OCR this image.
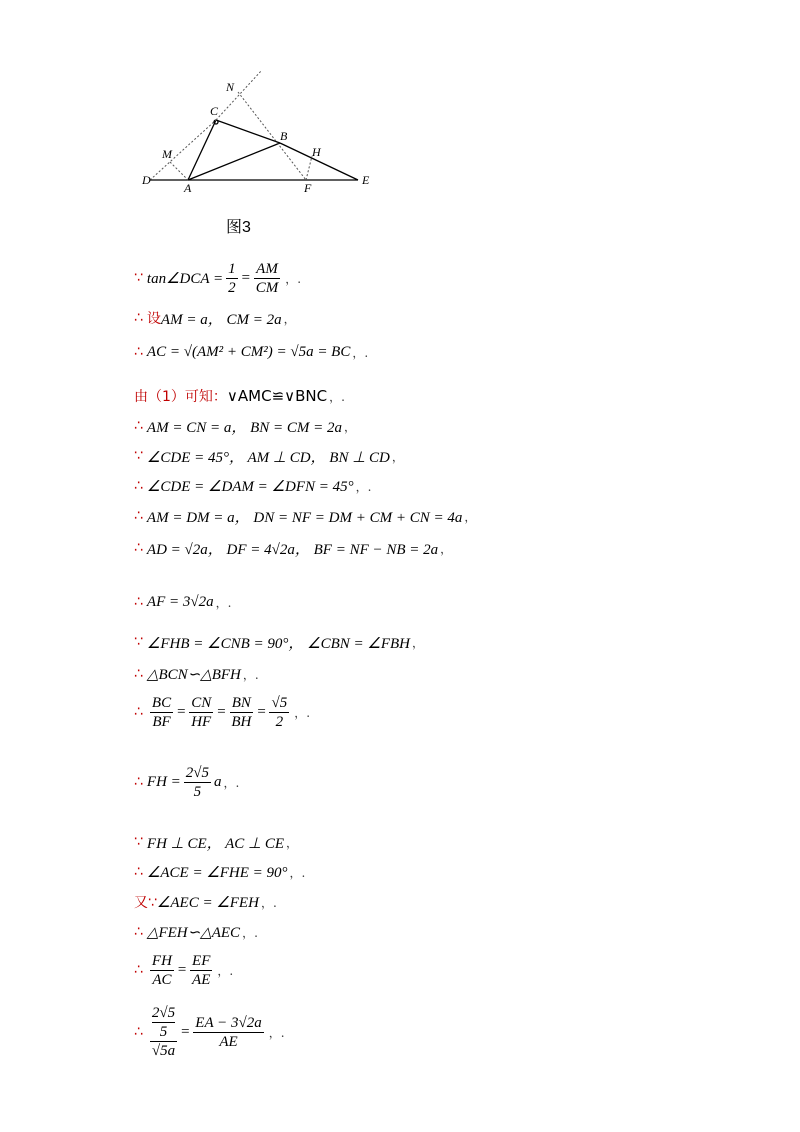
N
C
M
B
H
D
A	F
E
图3
∵ tan∠DCA = $\frac{1}{2} = \frac{AM}{CM}$ ，.
∴ 设 AM = a， CM = 2a ，
∴ AC = √(AM² + CM²) = √5a = BC ，.
由（1）可知： ∨AMC≌∨BNC ，.
∴ AM = CN = a， BN = CM = 2a ，
∵ ∠CDE = 45°， AM ⊥ CD， BN ⊥ CD ，
∴ ∠CDE = ∠DAM = ∠DFN = 45° ，.
∴ AM = DM = a， DN = NF = DM + CM + CN = 4a ，
∴ AD = √2a， DF = 4√2a， BF = NF − NB = 2a ，
∴ AF = 3√2a ，.
∵ ∠FHB = ∠CNB = 90°， ∠CBN = ∠FBH ，
∴ △BCN∽△BFH ，.
∴ $\frac{BC}{BF} = \frac{CN}{HF} = \frac{BN}{BH} = \frac{√5}{2}$ ，.
∴ FH = $\frac{2√5}{5}$ a ，.
∵ FH ⊥ CE， AC ⊥ CE ，
∴ ∠ACE = ∠FHE = 90° ，.
又∵ ∠AEC = ∠FEH ，.
∴ △FEH∽△AEC ，.
∴ $\frac{FH}{AC} = \frac{EF}{AE}$ ，.
∴ 2√5
5
$√5a = \frac{EA - 3√2a}{AE}$ ，.
